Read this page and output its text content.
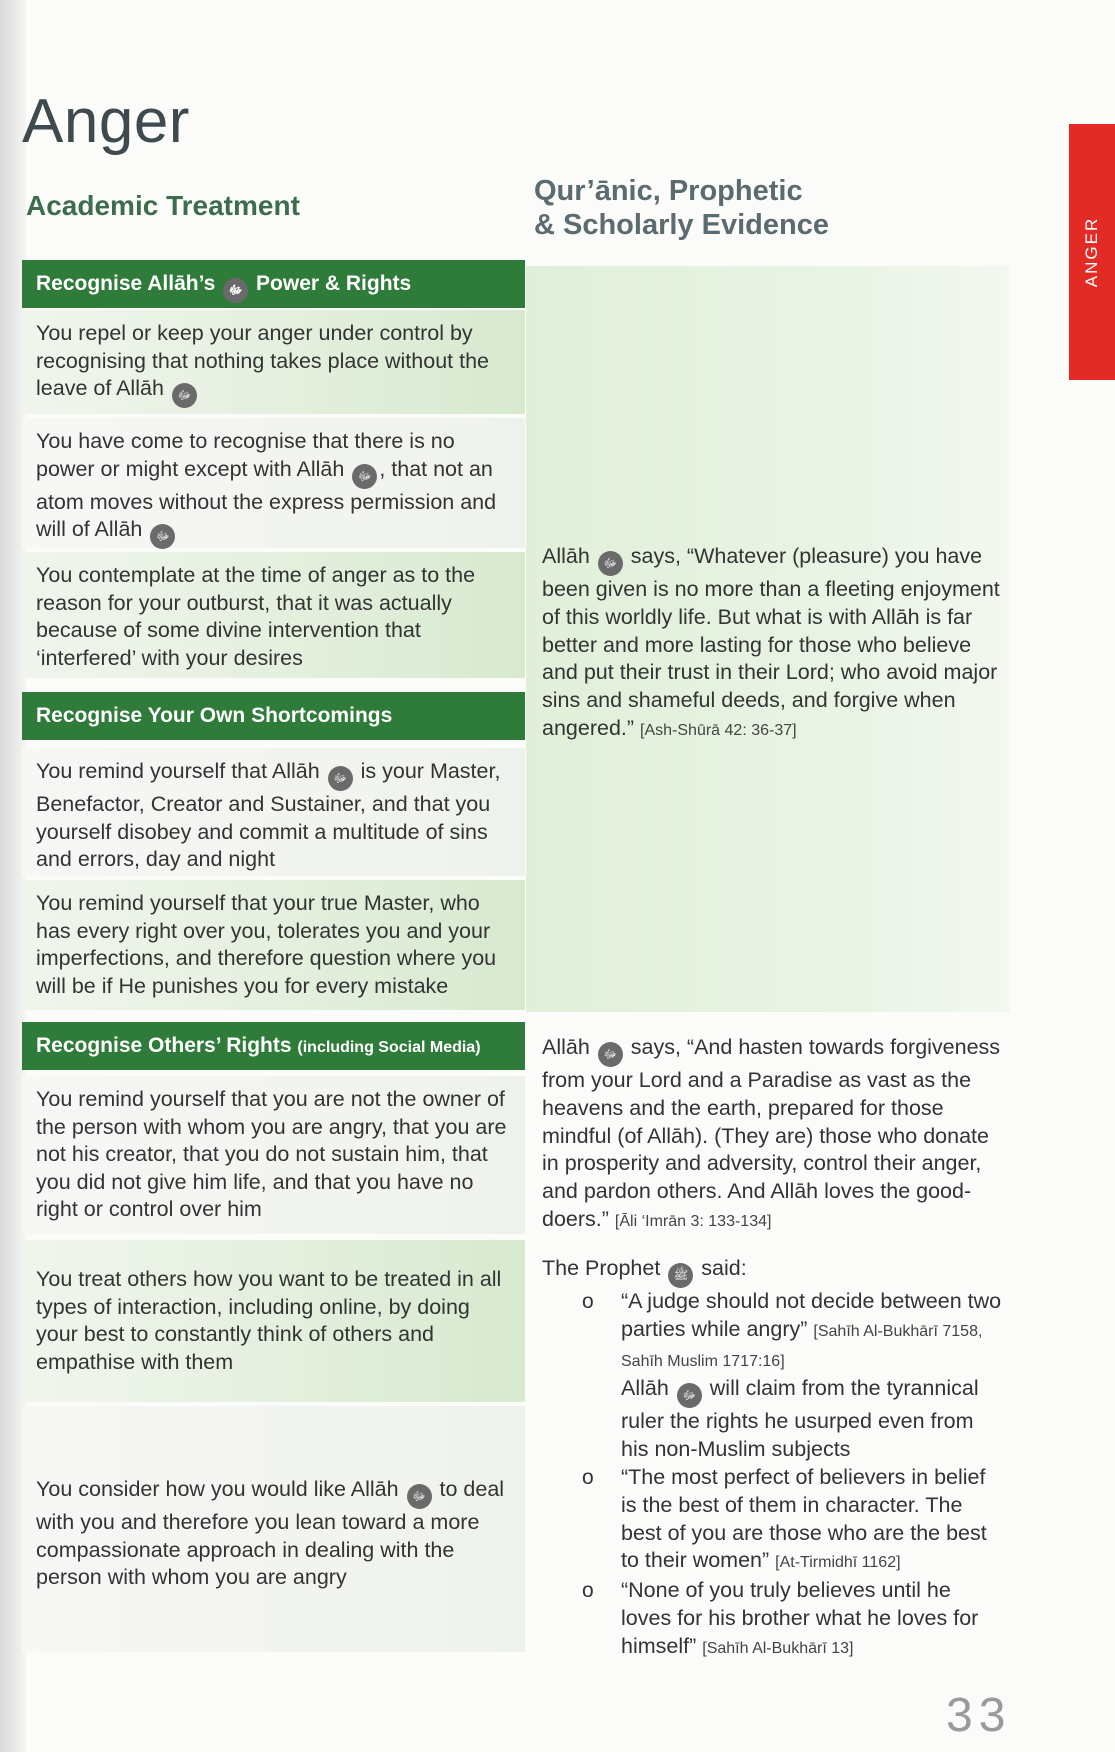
Anger
ANGER
Academic Treatment	Qur’ānic, Prophetic
& Scholarly Evidence
Recognise Allāh’s ﷻ Power & Rights
You repel or keep your anger under control by recognising that nothing takes place without the leave of Allāh ﷻ
You have come to recognise that there is no power or might except with Allāh ﷻ , that not an atom moves without the express permission and will of Allāh ﷻ
You contemplate at the time of anger as to the reason for your outburst, that it was actually because of some divine intervention that ‘interfered’ with your desires
Recognise Your Own Shortcomings
You remind yourself that Allāh ﷻ is your Master, Benefactor, Creator and Sustainer, and that you yourself disobey and commit a multitude of sins and errors, day and night
You remind yourself that your true Master, who has every right over you, tolerates you and your imperfections, and therefore question where you will be if He punishes you for every mistake
Recognise Others’ Rights (including Social Media)
You remind yourself that you are not the owner of the person with whom you are angry, that you are not his creator, that you do not sustain him, that you did not give him life, and that you have no right or control over him
You treat others how you want to be treated in all types of interaction, including online, by doing your best to constantly think of others and empathise with them
You consider how you would like Allāh ﷻ to deal with you and therefore you lean toward a more compassionate approach in dealing with the person with whom you are angry
Allāh ﷻ says, “Whatever (pleasure) you have been given is no more than a fleeting enjoyment of this worldly life. But what is with Allāh is far better and more lasting for those who believe and put their trust in their Lord; who avoid major sins and shameful deeds, and forgive when angered.” [Ash-Shūrā 42: 36-37]
Allāh ﷻ says, “And hasten towards forgiveness from your Lord and a Paradise as vast as the heavens and the earth, prepared for those mindful (of Allāh). (They are) those who donate in prosperity and adversity, control their anger, and pardon others. And Allāh loves the good-doers.” [Āli ‘Imrān 3: 133-134]
The Prophet ﷺ said:
o “A judge should not decide between two parties while angry” [Sahīh Al-Bukhārī 7158, Sahīh Muslim 1717:16]
Allāh ﷻ will claim from the tyrannical ruler the rights he usurped even from his non-Muslim subjects
o “The most perfect of believers in belief is the best of them in character. The best of you are those who are the best to their women” [At-Tirmidhī 1162]
o “None of you truly believes until he loves for his brother what he loves for himself” [Sahīh Al-Bukhārī 13]
33
